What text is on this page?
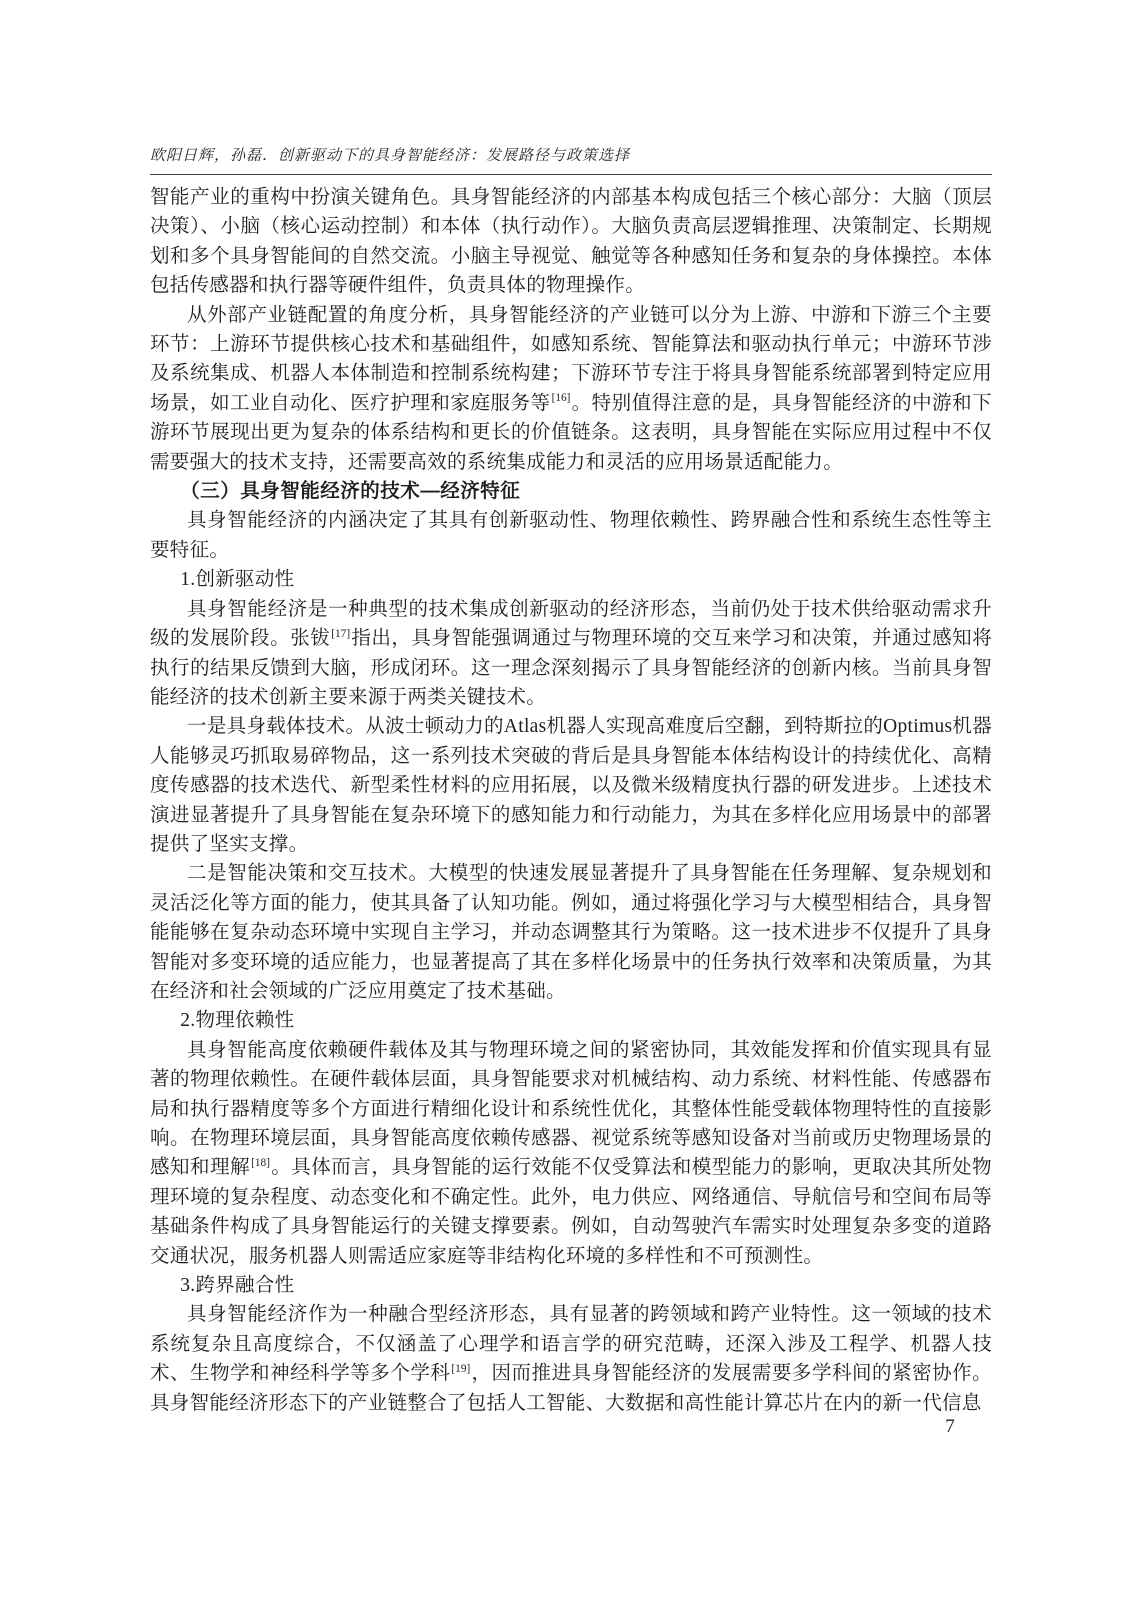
欧阳日辉，孙磊．创新驱动下的具身智能经济：发展路径与政策选择

智能产业的重构中扮演关键角色。具身智能经济的内部基本构成包括三个核心部分：大脑（顶层决策）、小脑（核心运动控制）和本体（执行动作）。大脑负责高层逻辑推理、决策制定、长期规划和多个具身智能间的自然交流。小脑主导视觉、触觉等各种感知任务和复杂的身体操控。本体包括传感器和执行器等硬件组件，负责具体的物理操作。

从外部产业链配置的角度分析，具身智能经济的产业链可以分为上游、中游和下游三个主要环节：上游环节提供核心技术和基础组件，如感知系统、智能算法和驱动执行单元；中游环节涉及系统集成、机器人本体制造和控制系统构建；下游环节专注于将具身智能系统部署到特定应用场景，如工业自动化、医疗护理和家庭服务等[16]。特别值得注意的是，具身智能经济的中游和下游环节展现出更为复杂的体系结构和更长的价值链条。这表明，具身智能在实际应用过程中不仅需要强大的技术支持，还需要高效的系统集成能力和灵活的应用场景适配能力。

（三）具身智能经济的技术—经济特征

具身智能经济的内涵决定了其具有创新驱动性、物理依赖性、跨界融合性和系统生态性等主要特征。

1.创新驱动性

具身智能经济是一种典型的技术集成创新驱动的经济形态，当前仍处于技术供给驱动需求升级的发展阶段。张钹[17]指出，具身智能强调通过与物理环境的交互来学习和决策，并通过感知将执行的结果反馈到大脑，形成闭环。这一理念深刻揭示了具身智能经济的创新内核。当前具身智能经济的技术创新主要来源于两类关键技术。

一是具身载体技术。从波士顿动力的Atlas机器人实现高难度后空翻，到特斯拉的Optimus机器人能够灵巧抓取易碎物品，这一系列技术突破的背后是具身智能本体结构设计的持续优化、高精度传感器的技术迭代、新型柔性材料的应用拓展，以及微米级精度执行器的研发进步。上述技术演进显著提升了具身智能在复杂环境下的感知能力和行动能力，为其在多样化应用场景中的部署提供了坚实支撑。

二是智能决策和交互技术。大模型的快速发展显著提升了具身智能在任务理解、复杂规划和灵活泛化等方面的能力，使其具备了认知功能。例如，通过将强化学习与大模型相结合，具身智能能够在复杂动态环境中实现自主学习，并动态调整其行为策略。这一技术进步不仅提升了具身智能对多变环境的适应能力，也显著提高了其在多样化场景中的任务执行效率和决策质量，为其在经济和社会领域的广泛应用奠定了技术基础。

2.物理依赖性

具身智能高度依赖硬件载体及其与物理环境之间的紧密协同，其效能发挥和价值实现具有显著的物理依赖性。在硬件载体层面，具身智能要求对机械结构、动力系统、材料性能、传感器布局和执行器精度等多个方面进行精细化设计和系统性优化，其整体性能受载体物理特性的直接影响。在物理环境层面，具身智能高度依赖传感器、视觉系统等感知设备对当前或历史物理场景的感知和理解[18]。具体而言，具身智能的运行效能不仅受算法和模型能力的影响，更取决其所处物理环境的复杂程度、动态变化和不确定性。此外，电力供应、网络通信、导航信号和空间布局等基础条件构成了具身智能运行的关键支撑要素。例如，自动驾驶汽车需实时处理复杂多变的道路交通状况，服务机器人则需适应家庭等非结构化环境的多样性和不可预测性。

3.跨界融合性

具身智能经济作为一种融合型经济形态，具有显著的跨领域和跨产业特性。这一领域的技术系统复杂且高度综合，不仅涵盖了心理学和语言学的研究范畴，还深入涉及工程学、机器人技术、生物学和神经科学等多个学科[19]，因而推进具身智能经济的发展需要多学科间的紧密协作。具身智能经济形态下的产业链整合了包括人工智能、大数据和高性能计算芯片在内的新一代信息

7
